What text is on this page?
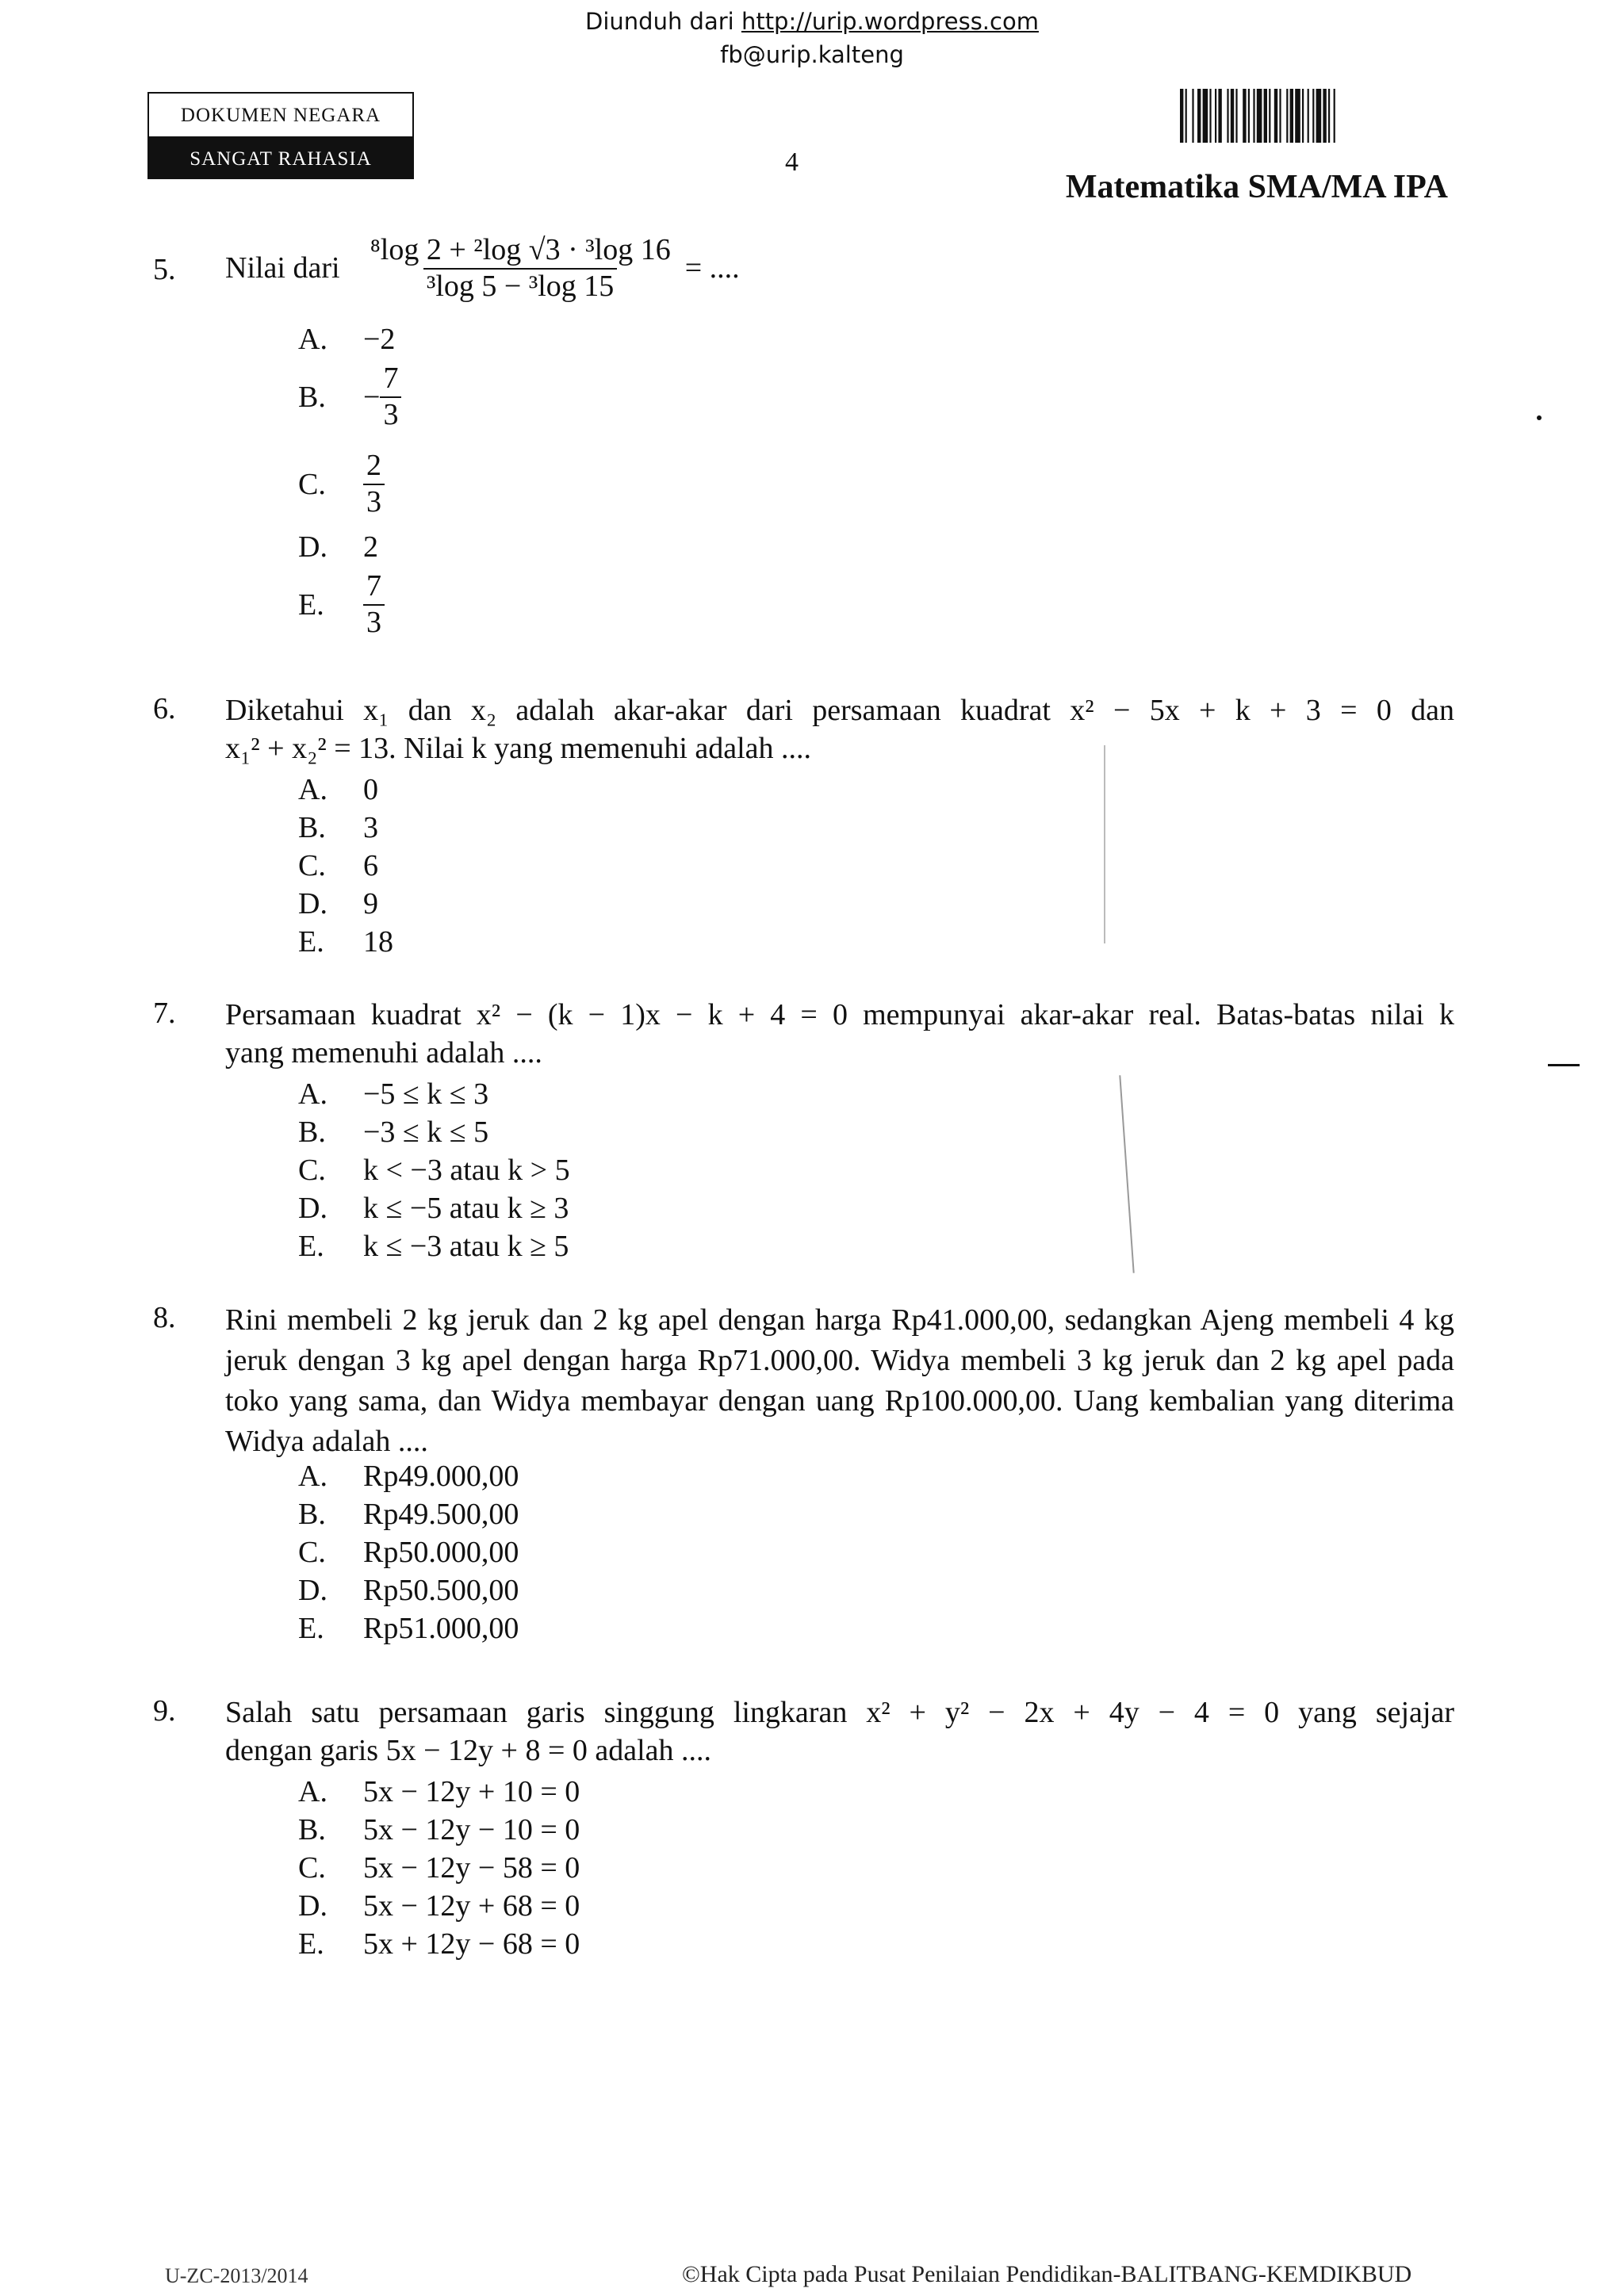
Diunduh dari http://urip.wordpress.com
fb@urip.kalteng
DOKUMEN NEGARA
SANGAT RAHASIA	4
Matematika SMA/MA IPA
5. Nilai dari $\frac{\text{⁸log 2 + ²log √3 · ³log 16}}{\text{³log 5 − ³log 15}}$ = ....
A. −2
B.	− $\frac{7}{3}$
C.	$\frac{2}{3}$
D. 2
E.	$\frac{7}{3}$
6. Diketahui x₁ dan x₂ adalah akar-akar dari persamaan kuadrat x² − 5x + k + 3 = 0 dan
x₁² + x₂² = 13. Nilai k yang memenuhi adalah ....
A. 0
B. 3
C. 6
D. 9
E. 18
7. Persamaan kuadrat x² − (k − 1)x − k + 4 = 0 mempunyai akar-akar real. Batas-batas nilai k
yang memenuhi adalah ....
A. −5 ≤ k ≤ 3
B. −3 ≤ k ≤ 5
C. k < −3 atau k > 5
D. k ≤ −5 atau k ≥ 3
E. k ≤ −3 atau k ≥ 5
8. Rini membeli 2 kg jeruk dan 2 kg apel dengan harga Rp41.000,00, sedangkan Ajeng membeli 4 kg jeruk dengan 3 kg apel dengan harga Rp71.000,00. Widya membeli 3 kg jeruk dan 2 kg apel pada toko yang sama, dan Widya membayar dengan uang Rp100.000,00. Uang kembalian yang diterima Widya adalah ....
A. Rp49.000,00
B. Rp49.500,00
C. Rp50.000,00
D. Rp50.500,00
E. Rp51.000,00
9. Salah satu persamaan garis singgung lingkaran x² + y² − 2x + 4y − 4 = 0 yang sejajar
dengan garis 5x − 12y + 8 = 0 adalah ....
A. 5x − 12y + 10 = 0
B. 5x − 12y − 10 = 0
C. 5x − 12y − 58 = 0
D. 5x − 12y + 68 = 0
E. 5x + 12y − 68 = 0
U-ZC-2013/2014	©Hak Cipta pada Pusat Penilaian Pendidikan-BALITBANG-KEMDIKBUD
